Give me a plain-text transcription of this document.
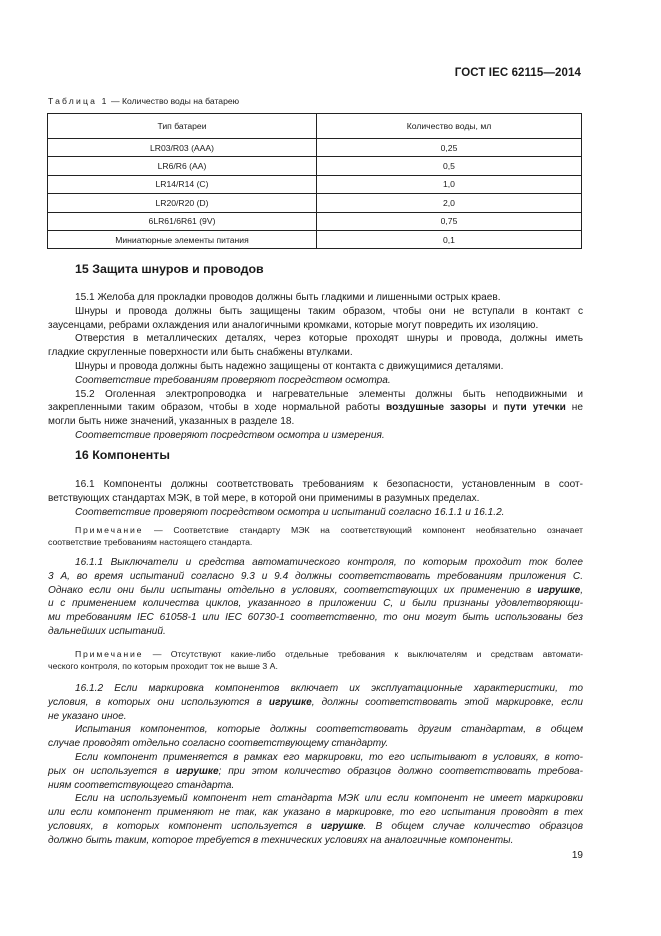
ГОСТ IEC 62115—2014
Таблица 1 — Количество воды на батарею
Тип батареи	Количество воды, мл
LR03/R03 (AAA)	0,25
LR6/R6 (AA)	0,5
LR14/R14 (C)	1,0
LR20/R20 (D)	2,0
6LR61/6R61 (9V)	0,75
Миниатюрные элементы питания	0,1
15 Защита шнуров и проводов
15.1 Желоба для прокладки проводов должны быть гладкими и лишенными острых краев.
Шнуры и провода должны быть защищены таким образом, чтобы они не вступали в контакт с
заусенцами, ребрами охлаждения или аналогичными кромками, которые могут повредить их изоляцию.
Отверстия в металлических деталях, через которые проходят шнуры и провода, должны иметь
гладкие скругленные поверхности или быть снабжены втулками.
Шнуры и провода должны быть надежно защищены от контакта с движущимися деталями.
Соответствие требованиям проверяют посредством осмотра.
15.2 Оголенная электропроводка и нагревательные элементы должны быть неподвижными и
закрепленными таким образом, чтобы в ходе нормальной работы воздушные зазоры и пути утечки не
могли быть ниже значений, указанных в разделе 18.
Соответствие проверяют посредством осмотра и измерения.
16 Компоненты
16.1 Компоненты должны соответствовать требованиям к безопасности, установленным в соот-
ветствующих стандартах МЭК, в той мере, в которой они применимы в разумных пределах.
Соответствие проверяют посредством осмотра и испытаний согласно 16.1.1 и 16.1.2.
Примечание — Соответствие стандарту МЭК на соответствующий компонент необязательно означает
соответствие требованиям настоящего стандарта.
16.1.1 Выключатели и средства автоматического контроля, по которым проходит ток более
3 А, во время испытаний согласно 9.3 и 9.4 должны соответствовать требованиям приложения С.
Однако если они были испытаны отдельно в условиях, соответствующих их применению в игрушке,
и с применением количества циклов, указанного в приложении С, и были признаны удовлетворяющи-
ми требованиям IEC 61058-1 или IEC 60730-1 соответственно, то они могут быть использованы без
дальнейших испытаний.
Примечание — Отсутствуют какие-либо отдельные требования к выключателям и средствам автомати-
ческого контроля, по которым проходит ток не выше 3 А.
16.1.2 Если маркировка компонентов включает их эксплуатационные характеристики, то
условия, в которых они используются в игрушке, должны соответствовать этой маркировке, если
не указано иное.
Испытания компонентов, которые должны соответствовать другим стандартам, в общем
случае проводят отдельно согласно соответствующему стандарту.
Если компонент применяется в рамках его маркировки, то его испытывают в условиях, в кото-
рых он используется в игрушке; при этом количество образцов должно соответствовать требова-
ниям соответствующего стандарта.
Если на используемый компонент нет стандарта МЭК или если компонент не имеет маркировки
или если компонент применяют не так, как указано в маркировке, то его испытания проводят в тех
условиях, в которых компонент используется в игрушке. В общем случае количество образцов
должно быть таким, которое требуется в технических условиях на аналогичные компоненты.
19
